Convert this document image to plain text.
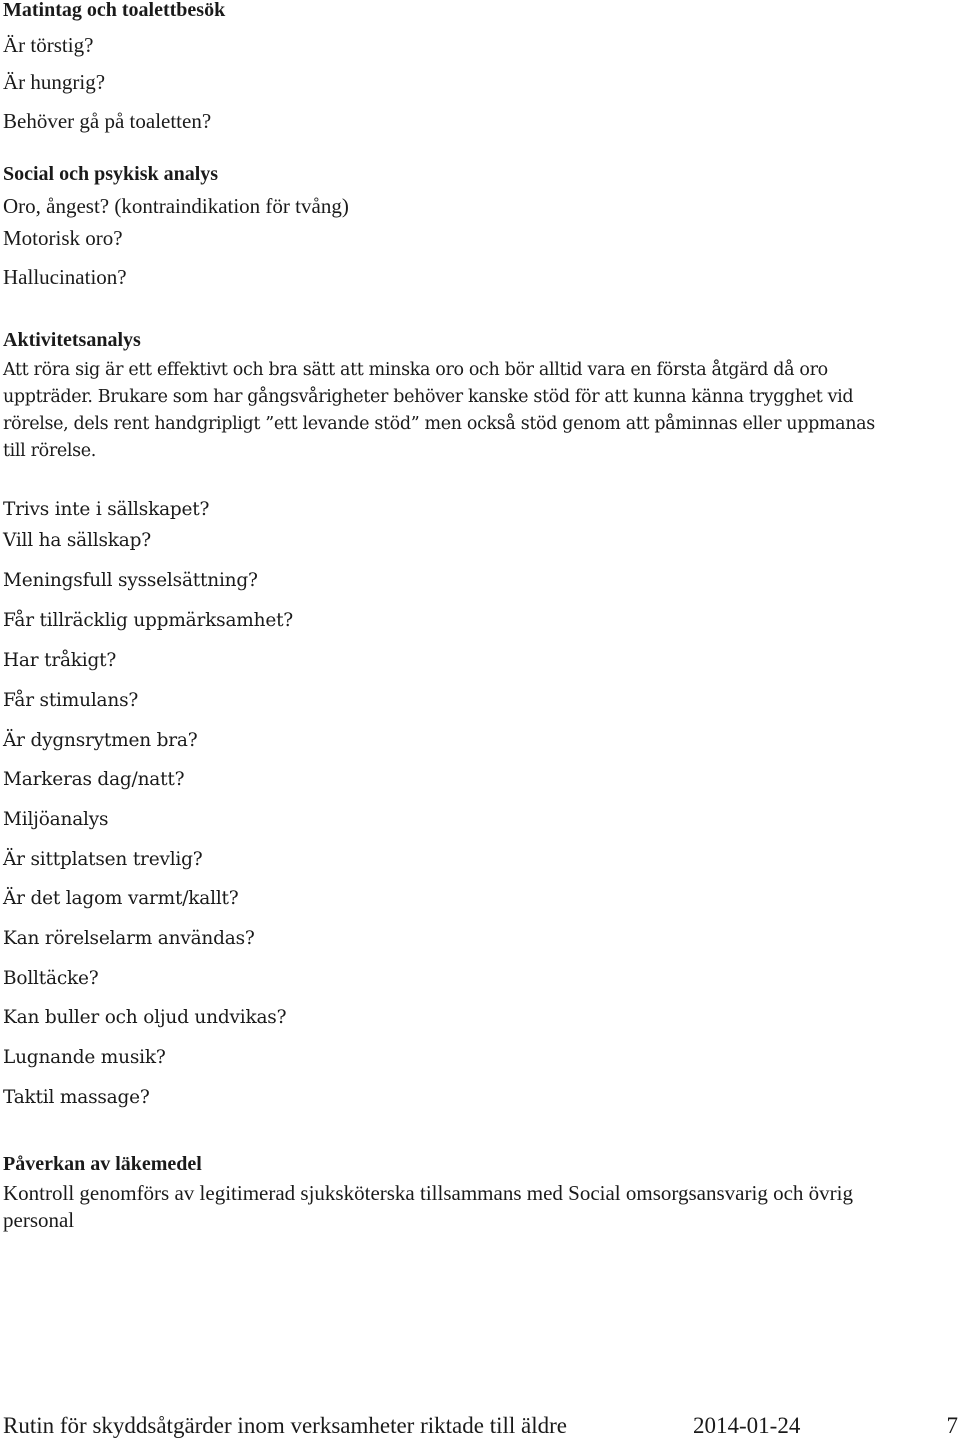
Matintag och toalettbesök
Är törstig?
Är hungrig?
Behöver gå på toaletten?
Social och psykisk analys
Oro, ångest? (kontraindikation för tvång)
Motorisk oro?
Hallucination?
Aktivitetsanalys

Att röra sig är ett effektivt och bra sätt att minska oro och bör alltid vara en första åtgärd då oro

uppträder. Brukare som har gångsvårigheter behöver kanske stöd för att kunna känna trygghet vid

rörelse, dels rent handgripligt ”ett levande stöd” men också stöd genom att påminnas eller uppmanas

till rörelse.

Trivs inte i sällskapet?
Vill ha sällskap?
Meningsfull sysselsättning?
Får tillräcklig uppmärksamhet?
Har tråkigt?
Får stimulans?
Är dygnsrytmen bra?
Markeras dag/natt?
Miljöanalys
Är sittplatsen trevlig?
Är det lagom varmt/kallt?
Kan rörelselarm användas?
Bolltäcke?
Kan buller och oljud undvikas?
Lugnande musik?
Taktil massage?
Påverkan av läkemedel

Kontroll genomförs av legitimerad sjuksköterska tillsammans med Social omsorgsansvarig och övrig

personal

Rutin för skyddsåtgärder inom verksamheter riktade till äldre	2014-01-24	7
